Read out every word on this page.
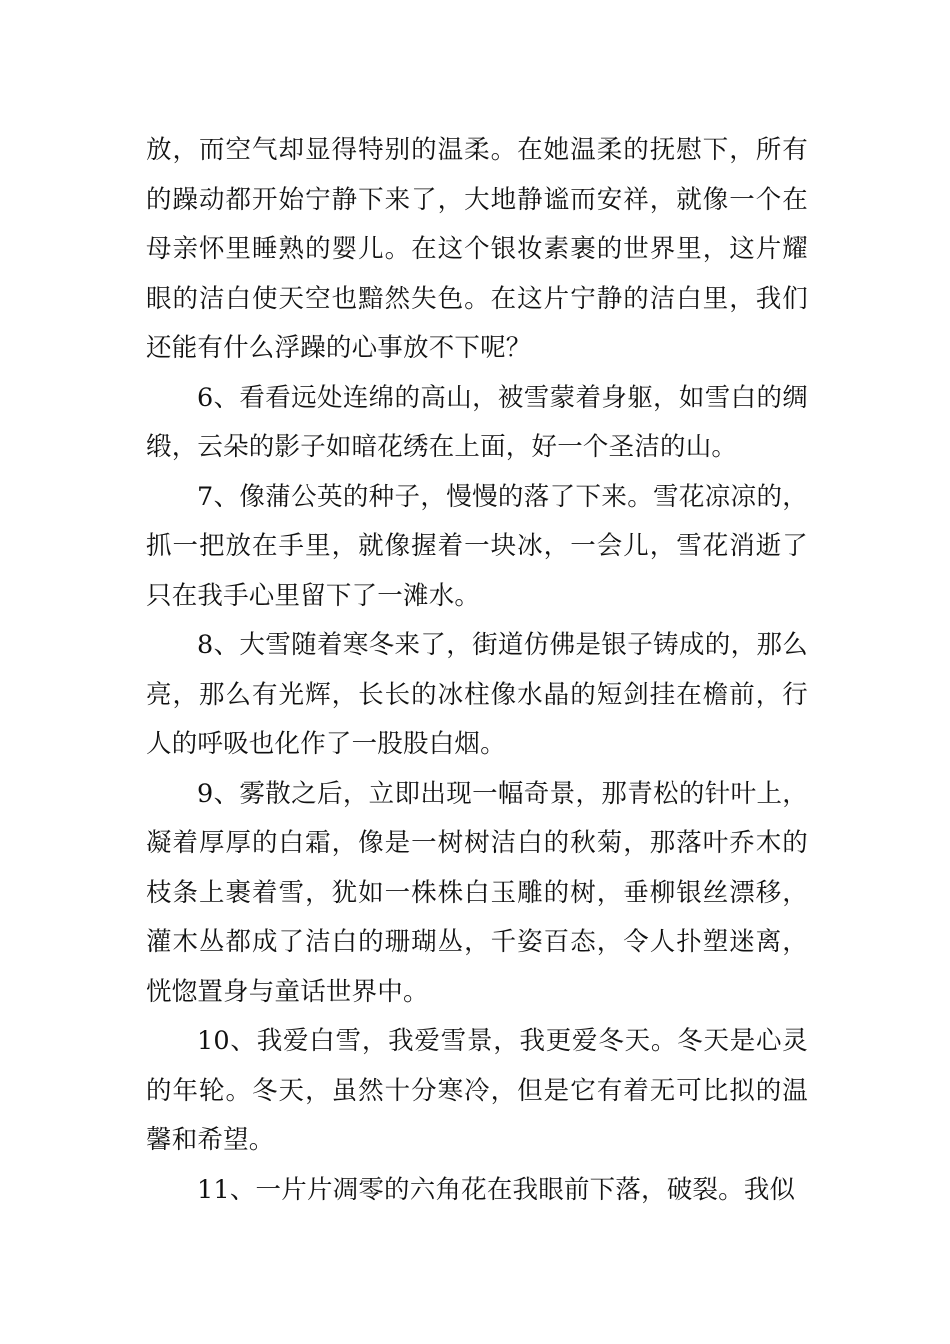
放，而空气却显得特别的温柔。在她温柔的抚慰下，所有的躁动都开始宁静下来了，大地静谧而安祥，就像一个在母亲怀里睡熟的婴儿。在这个银妆素裹的世界里，这片耀眼的洁白使天空也黯然失色。在这片宁静的洁白里，我们还能有什么浮躁的心事放不下呢？

6、看看远处连绵的高山，被雪蒙着身躯，如雪白的绸缎，云朵的影子如暗花绣在上面，好一个圣洁的山。

7、像蒲公英的种子，慢慢的落了下来。雪花凉凉的，抓一把放在手里，就像握着一块冰，一会儿，雪花消逝了只在我手心里留下了一滩水。

8、大雪随着寒冬来了，街道仿佛是银子铸成的，那么亮，那么有光辉，长长的冰柱像水晶的短剑挂在檐前，行人的呼吸也化作了一股股白烟。

9、雾散之后，立即出现一幅奇景，那青松的针叶上，凝着厚厚的白霜，像是一树树洁白的秋菊，那落叶乔木的枝条上裹着雪，犹如一株株白玉雕的树，垂柳银丝漂移，灌木丛都成了洁白的珊瑚丛，千姿百态，令人扑塑迷离，恍惚置身与童话世界中。

10、我爱白雪，我爱雪景，我更爱冬天。冬天是心灵的年轮。冬天，虽然十分寒冷，但是它有着无可比拟的温馨和希望。

11、一片片凋零的六角花在我眼前下落，破裂。我似
